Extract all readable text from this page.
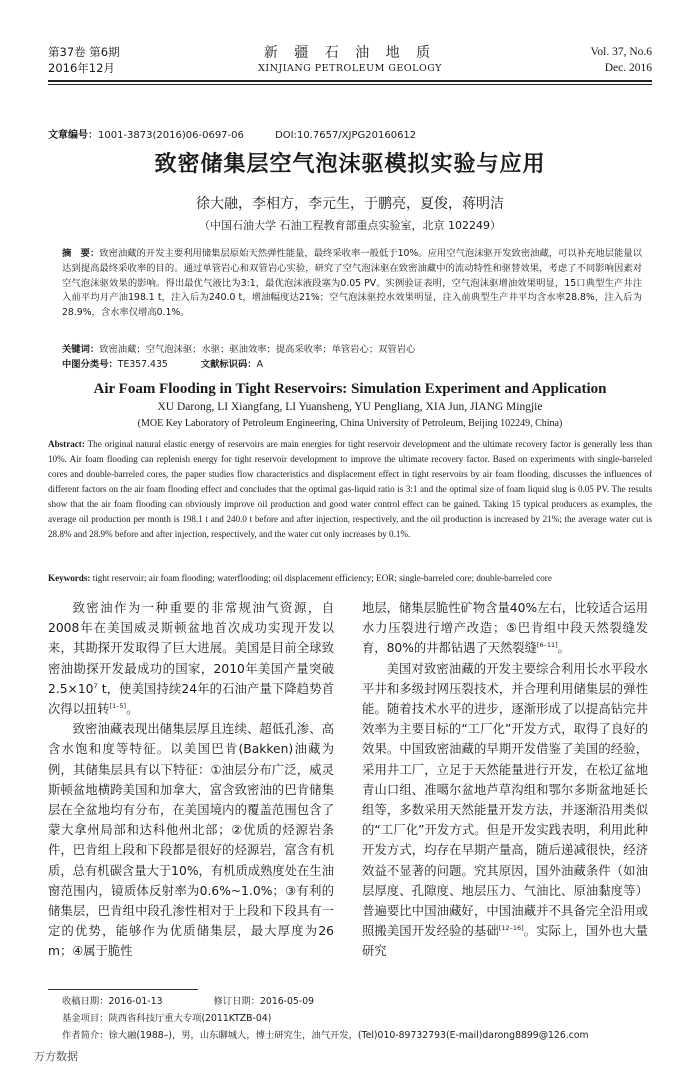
第37卷 第6期
2016年12月
新 疆 石 油 地 质
XINJIANG PETROLEUM GEOLOGY
Vol. 37, No.6
Dec. 2016
文章编号：1001-3873(2016)06-0697-06	DOI:10.7657/XJPG20160612
致密储集层空气泡沫驱模拟实验与应用
徐大融，李相方，李元生，于鹏亮，夏俊，蒋明洁
（中国石油大学 石油工程教育部重点实验室，北京 102249）
摘　要：致密油藏的开发主要利用储集层原始天然弹性能量，最终采收率一般低于10%。应用空气泡沫驱开发致密油藏，可以补充地层能量以达到提高最终采收率的目的。通过单管岩心和双管岩心实验，研究了空气泡沫驱在致密油藏中的流动特性和驱替效果，考虑了不同影响因素对空气泡沫驱效果的影响。得出最优气液比为3:1，最优泡沫液段塞为0.05 PV。实例验证表明，空气泡沫驱增油效果明显，15口典型生产井注入前平均月产油198.1 t，注入后为240.0 t，增油幅度达21%；空气泡沫驱控水效果明显，注入前典型生产井平均含水率28.8%，注入后为28.9%，含水率仅增高0.1%。
关键词：致密油藏；空气泡沫驱；水驱；驱油效率；提高采收率；单管岩心；双管岩心
中图分类号：TE357.435	文献标识码：A
Air Foam Flooding in Tight Reservoirs: Simulation Experiment and Application
XU Darong, LI Xiangfang, LI Yuansheng, YU Pengliang, XIA Jun, JIANG Mingjie
(MOE Key Laboratory of Petroleum Engineering, China University of Petroleum, Beijing 102249, China)
Abstract: The original natural elastic energy of reservoirs are main energies for tight reservoir development and the ultimate recovery factor is generally less than 10%. Air foam flooding can replenish energy for tight reservoir development to improve the ultimate recovery factor. Based on experiments with single-barreled cores and double-barreled cores, the paper studies flow characteristics and displacement effect in tight reservoirs by air foam flooding, discusses the influences of different factors on the air foam flooding effect and concludes that the optimal gas-liquid ratio is 3:1 and the optimal size of foam liquid slug is 0.05 PV. The results show that the air foam flooding can obviously improve oil production and good water control effect can be gained. Taking 15 typical producers as examples, the average oil production per month is 198.1 t and 240.0 t before and after injection, respectively, and the oil production is increased by 21%; the average water cut is 28.8% and 28.9% before and after injection, respectively, and the water cut only increases by 0.1%.
Keywords: tight reservoir; air foam flooding; waterflooding; oil displacement efficiency; EOR; single-barreled core; double-barreled core

致密油作为一种重要的非常规油气资源，自2008年在美国威灵斯顿盆地首次成功实现开发以来，其勘探开发取得了巨大进展。美国是目前全球致密油勘探开发最成功的国家，2010年美国产量突破$2.5\times 10^7$ t，使美国持续24年的石油产量下降趋势首次得以扭转[1–5]。

致密油藏表现出储集层厚且连续、超低孔渗、高含水饱和度等特征。以美国巴肯(Bakken)油藏为例，其储集层具有以下特征：①油层分布广泛，威灵斯顿盆地横跨美国和加拿大，富含致密油的巴肯储集层在全盆地均有分布，在美国境内的覆盖范围包含了蒙大拿州局部和达科他州北部；②优质的烃源岩条件，巴肯组上段和下段都是很好的烃源岩，富含有机质，总有机碳含量大于10%，有机质成熟度处在生油窗范围内，镜质体反射率为0.6%~1.0%；③有利的储集层，巴肯组中段孔渗性相对于上段和下段具有一定的优势，能够作为优质储集层，最大厚度为26 m；④属于脆性

地层，储集层脆性矿物含量40%左右，比较适合运用水力压裂进行增产改造；⑤巴肯组中段天然裂缝发育，80%的井都钻遇了天然裂缝[6–11]。

美国对致密油藏的开发主要综合利用长水平段水平井和多级封网压裂技术，并合理利用储集层的弹性能。随着技术水平的进步，逐渐形成了以提高钻完井效率为主要目标的“工厂化”开发方式，取得了良好的效果。中国致密油藏的早期开发借鉴了美国的经验，采用井工厂，立足于天然能量进行开发，在松辽盆地青山口组、准噶尔盆地芦草沟组和鄂尔多斯盆地延长组等，多数采用天然能量开发方法，并逐渐沿用类似的“工厂化”开发方式。但是开发实践表明，利用此种开发方式，均存在早期产量高，随后递减很快，经济效益不显著的问题。究其原因，国外油藏条件（如油层厚度、孔隙度、地层压力、气油比、原油黏度等）普遍要比中国油藏好，中国油藏并不具备完全沿用或照搬美国开发经验的基础[12–16]。实际上，国外也大量研究

收稿日期：2016-01-13	修订日期：2016-05-09
基金项目：陕西省科技厅重大专项(2011KTZB-04)
作者简介：徐大融(1988–)，男，山东聊城人，博士研究生，油气开发，(Tel)010-89732793(E-mail)darong8899@126.com
万方数据
